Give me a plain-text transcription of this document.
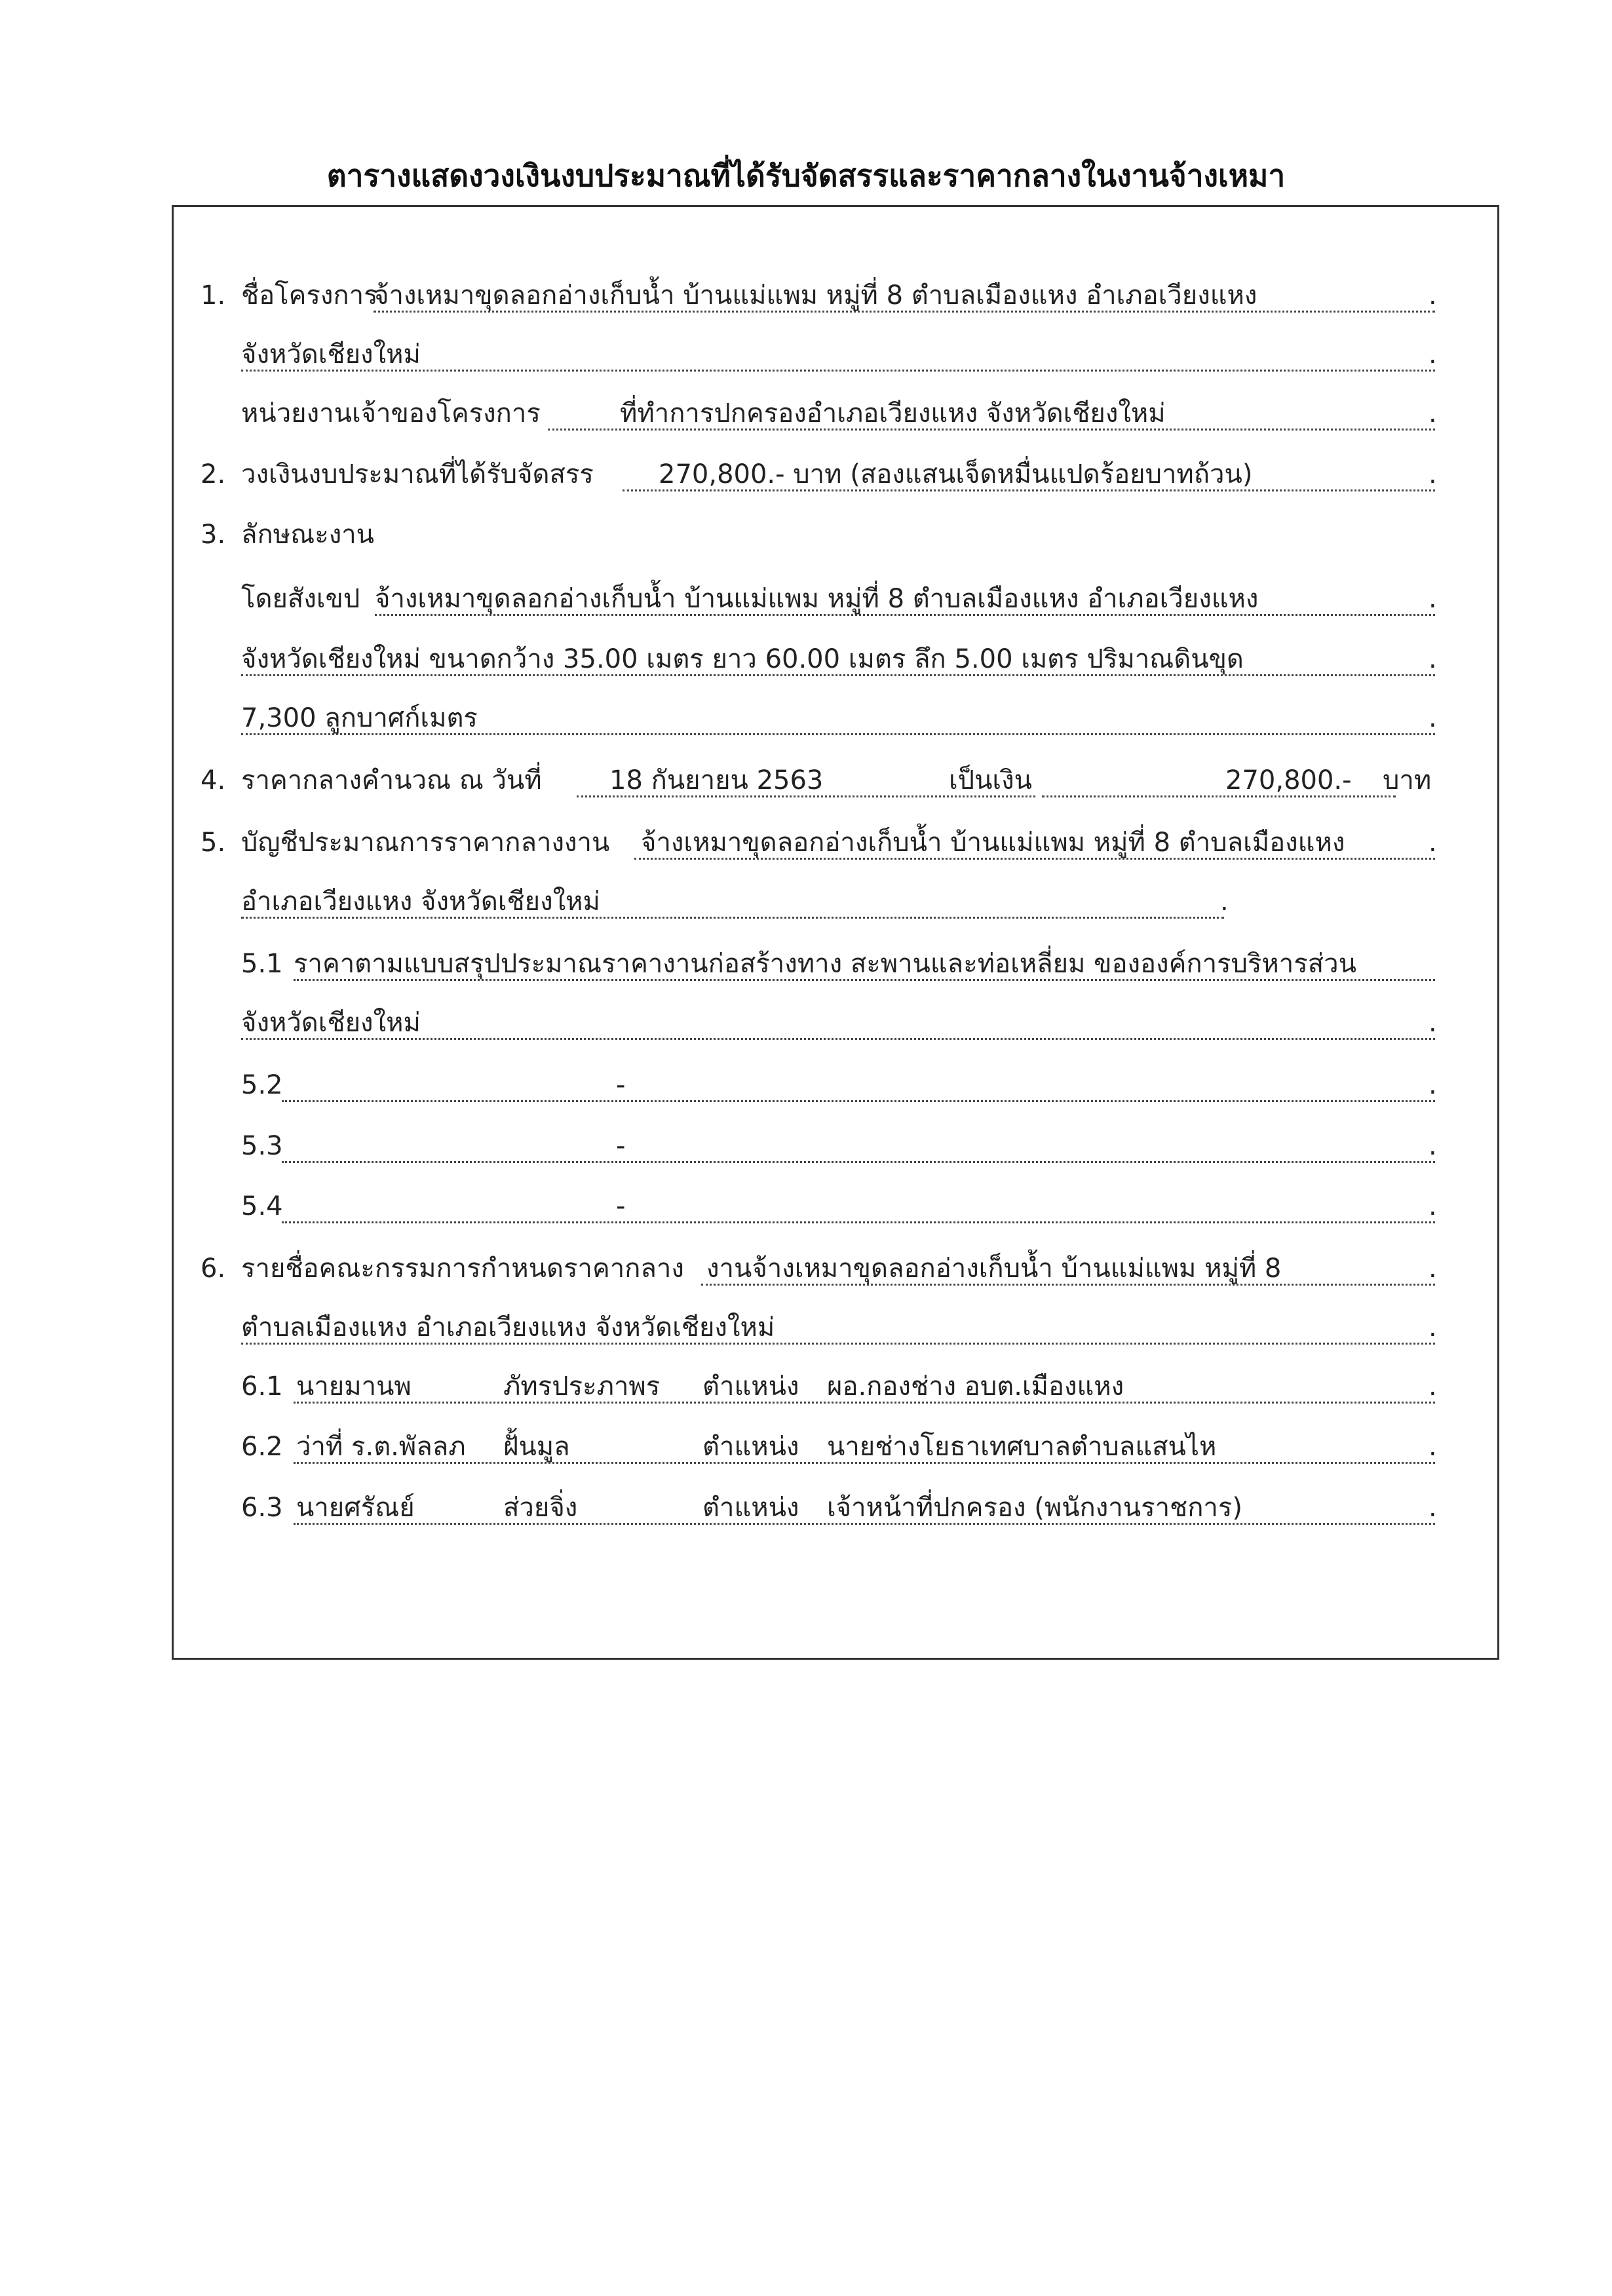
ตารางแสดงวงเงินงบประมาณที่ได้รับจัดสรรและราคากลางในงานจ้างเหมา
1. ชื่อโครงการ
จ้างเหมาขุดลอกอ่างเก็บน้ำ บ้านแม่แพม หมู่ที่ 8 ตำบลเมืองแหง อำเภอเวียงแหง	.
จังหวัดเชียงใหม่	.
หน่วยงานเจ้าของโครงการ	ที่ทำการปกครองอำเภอเวียงแหง จังหวัดเชียงใหม่	.
2. วงเงินงบประมาณที่ได้รับจัดสรร	270,800.- บาท (สองแสนเจ็ดหมื่นแปดร้อยบาทถ้วน)	.
3. ลักษณะงาน
โดยสังเขป จ้างเหมาขุดลอกอ่างเก็บน้ำ บ้านแม่แพม หมู่ที่ 8 ตำบลเมืองแหง อำเภอเวียงแหง	.
จังหวัดเชียงใหม่ ขนาดกว้าง 35.00 เมตร ยาว 60.00 เมตร ลึก 5.00 เมตร ปริมาณดินขุด	.
7,300 ลูกบาศก์เมตร	.
4. ราคากลางคำนวณ ณ วันที่	18 กันยายน 2563	เป็นเงิน	270,800.-	บาท
5. บัญชีประมาณการราคากลางงาน จ้างเหมาขุดลอกอ่างเก็บน้ำ บ้านแม่แพม หมู่ที่ 8 ตำบลเมืองแหง	.
อำเภอเวียงแหง จังหวัดเชียงใหม่	.
5.1 ราคาตามแบบสรุปประมาณราคางานก่อสร้างทาง สะพานและท่อเหลี่ยม ขององค์การบริหารส่วน
จังหวัดเชียงใหม่	.
5.2	-	.
5.3	-	.
5.4	-	.
6. รายชื่อคณะกรรมการกำหนดราคากลาง งานจ้างเหมาขุดลอกอ่างเก็บน้ำ บ้านแม่แพม หมู่ที่ 8	.
ตำบลเมืองแหง อำเภอเวียงแหง จังหวัดเชียงใหม่	.
6.1 นายมานพ	ภัทรประภาพร ตำแหน่ง ผอ.กองช่าง อบต.เมืองแหง	.
6.2 ว่าที่ ร.ต.พัลลภ ฝั้นมูล	ตำแหน่ง นายช่างโยธาเทศบาลตำบลแสนไห	.
6.3 นายศรัณย์	ส่วยจิ่ง	ตำแหน่ง เจ้าหน้าที่ปกครอง (พนักงานราชการ)	.
